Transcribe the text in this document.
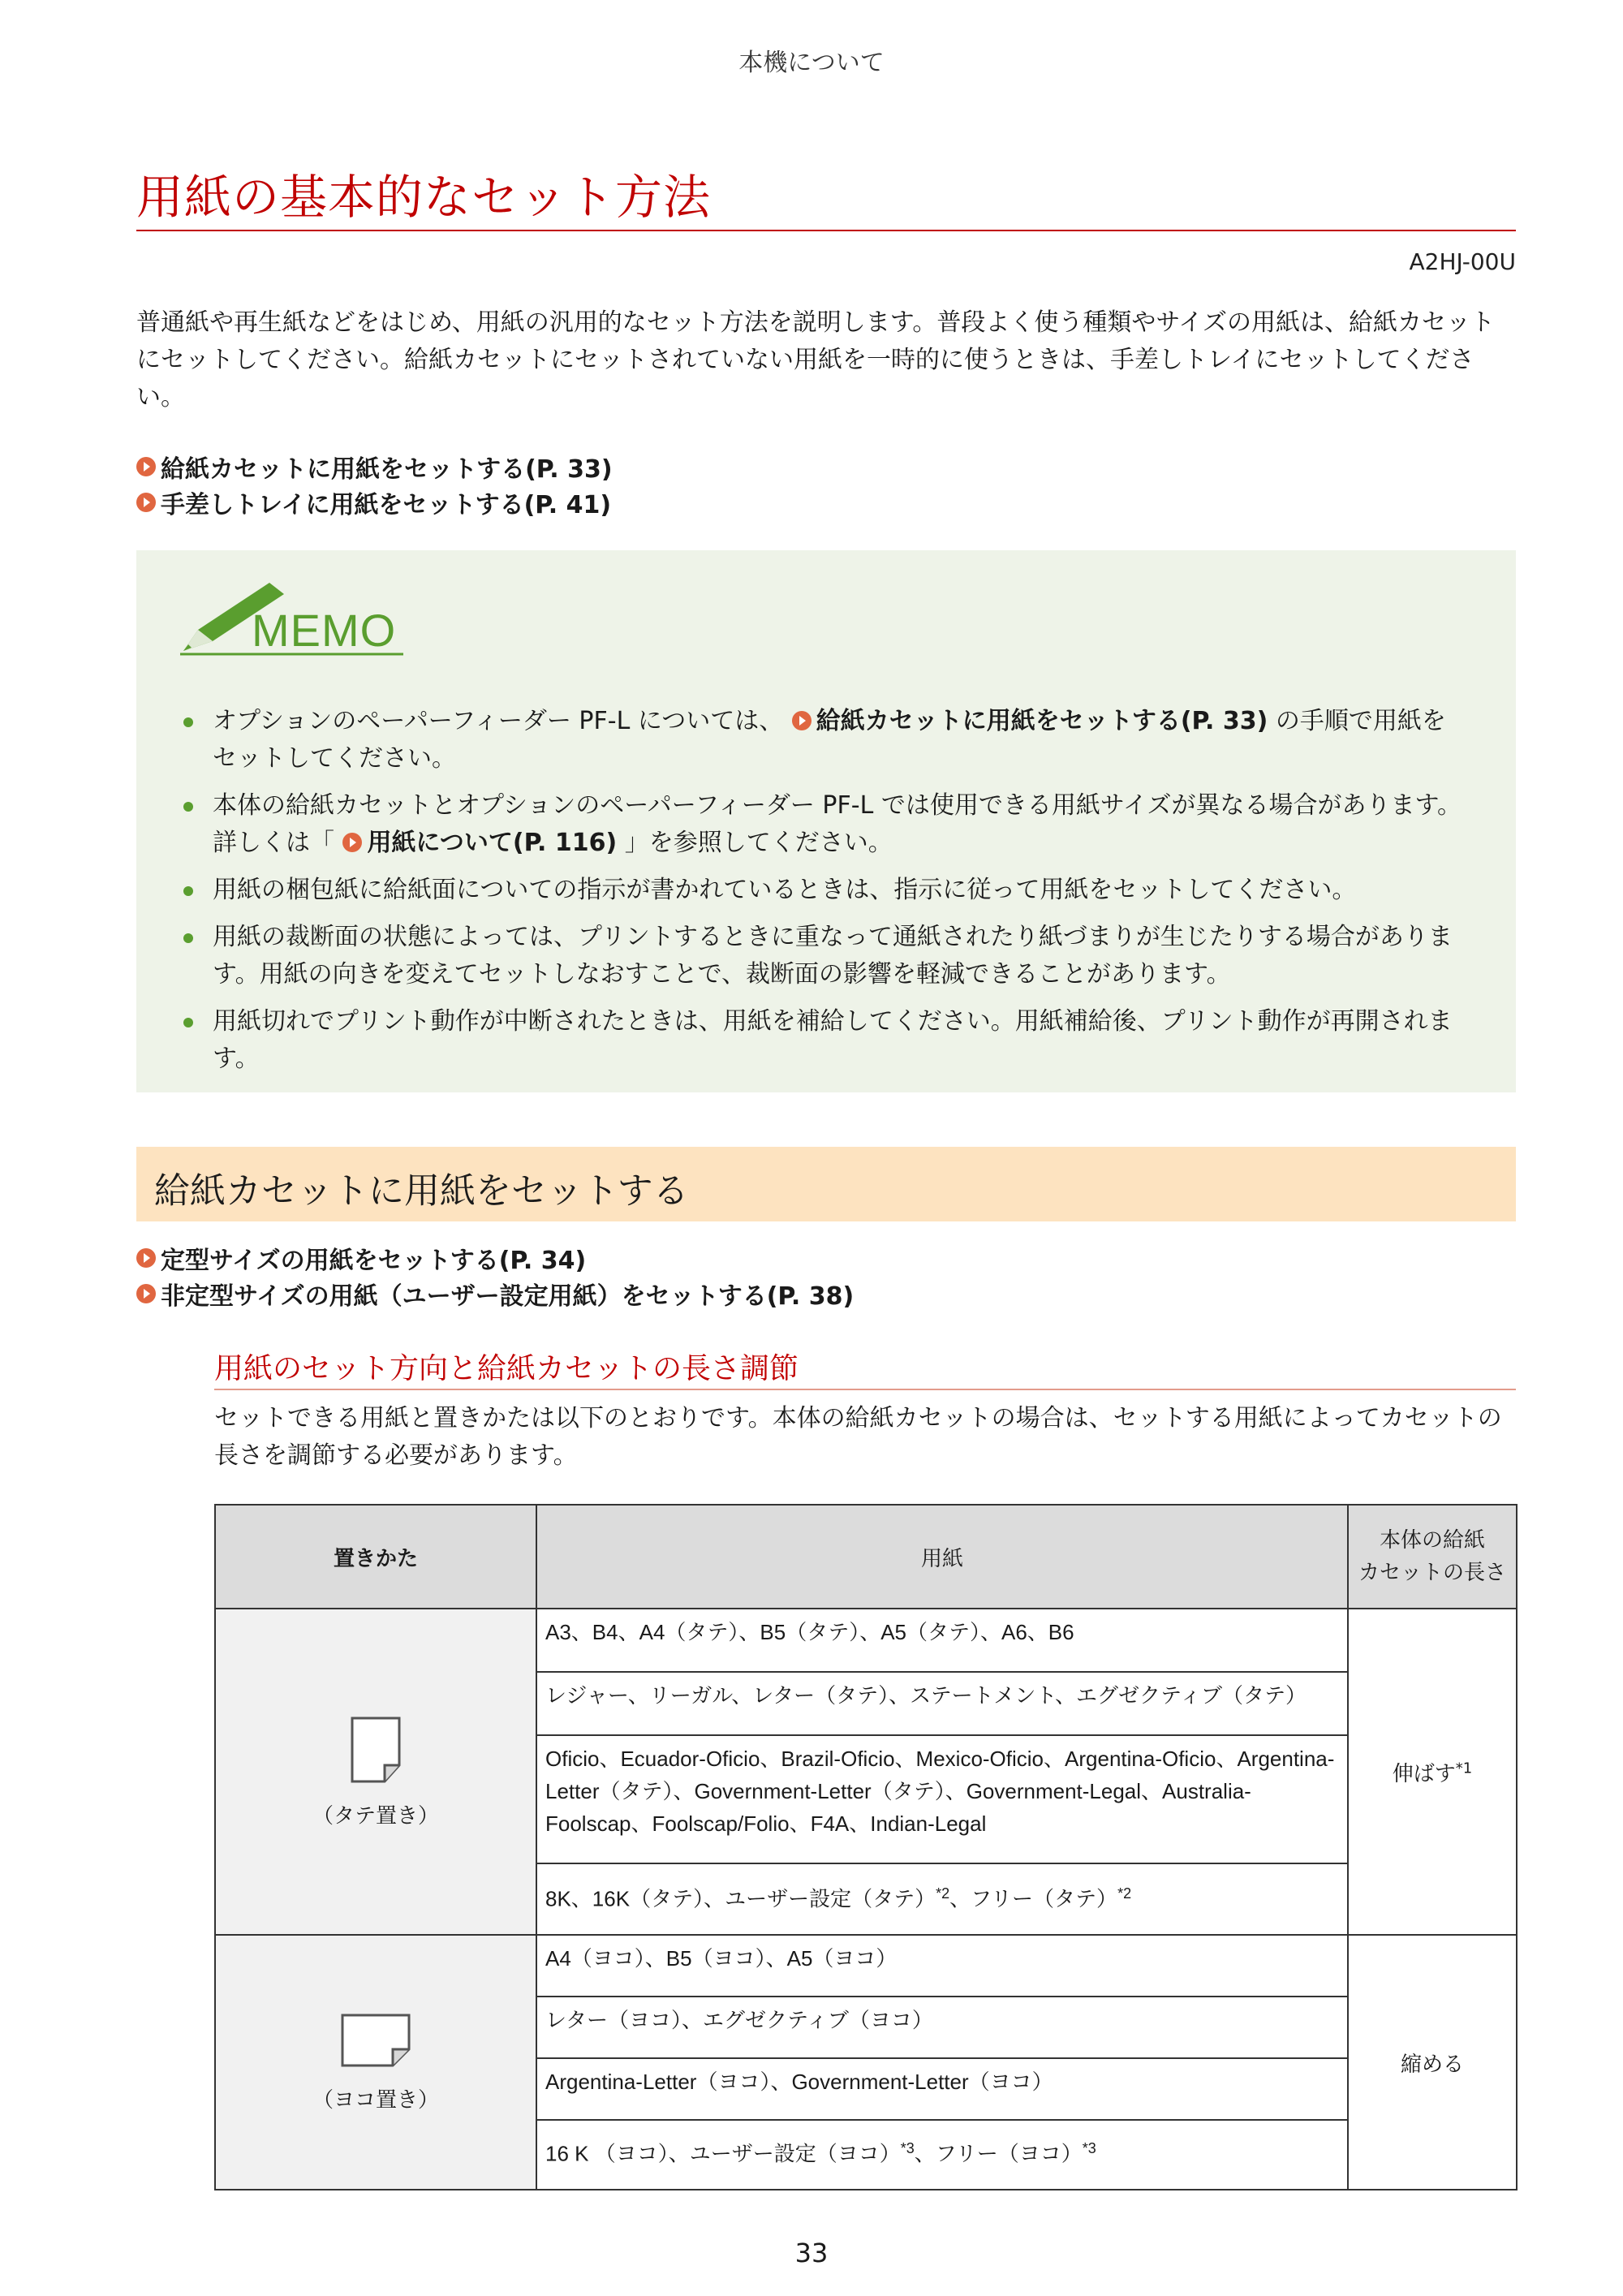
本機について
用紙の基本的なセット方法
A2HJ-00U
普通紙や再生紙などをはじめ、用紙の汎用的なセット方法を説明します。普段よく使う種類やサイズの用紙は、給紙カセットにセットしてください。給紙カセットにセットされていない用紙を一時的に使うときは、手差しトレイにセットしてください。
給紙カセットに用紙をセットする(P. 33)
手差しトレイに用紙をセットする(P. 41)
MEMO
オプションのペーパーフィーダー PF-L については、 給紙カセットに用紙をセットする(P. 33) の手順で用紙をセットしてください。
本体の給紙カセットとオプションのペーパーフィーダー PF-L では使用できる用紙サイズが異なる場合があります。詳しくは「 用紙について(P. 116) 」を参照してください。
用紙の梱包紙に給紙面についての指示が書かれているときは、指示に従って用紙をセットしてください。
用紙の裁断面の状態によっては、プリントするときに重なって通紙されたり紙づまりが生じたりする場合があります。用紙の向きを変えてセットしなおすことで、裁断面の影響を軽減できることがあります。
用紙切れでプリント動作が中断されたときは、用紙を補給してください。用紙補給後、プリント動作が再開されます。
給紙カセットに用紙をセットする
定型サイズの用紙をセットする(P. 34)
非定型サイズの用紙（ユーザー設定用紙）をセットする(P. 38)
用紙のセット方向と給紙カセットの長さ調節
セットできる用紙と置きかたは以下のとおりです。本体の給紙カセットの場合は、セットする用紙によってカセットの長さを調節する必要があります。
置きかた	用紙	本体の給紙
カセットの長さ

（タテ置き）	A3、B4、A4（タテ）、B5（タテ）、A5（タテ）、A6、B6	伸ばす$^{*1}$
	レジャー、リーガル、レター（タテ）、ステートメント、エグゼクティブ（タテ）	
	Oficio、Ecuador-Oficio、Brazil-Oficio、Mexico-Oficio、Argentina-Oficio、Argentina-Letter（タテ）、Government-Letter（タテ）、Government-Legal、Australia-Foolscap、Foolscap/Folio、F4A、Indian-Legal	
	8K、16K（タテ）、ユーザー設定（タテ）$^{*2}$、フリー（タテ）$^{*2}$

（ヨコ置き）	A4（ヨコ）、B5（ヨコ）、A5（ヨコ）	縮める
	レター（ヨコ）、エグゼクティブ（ヨコ）	
	Argentina-Letter（ヨコ）、Government-Letter（ヨコ）	
	16 K （ヨコ）、ユーザー設定（ヨコ）$^{*3}$、フリー（ヨコ）$^{*3}$
33
